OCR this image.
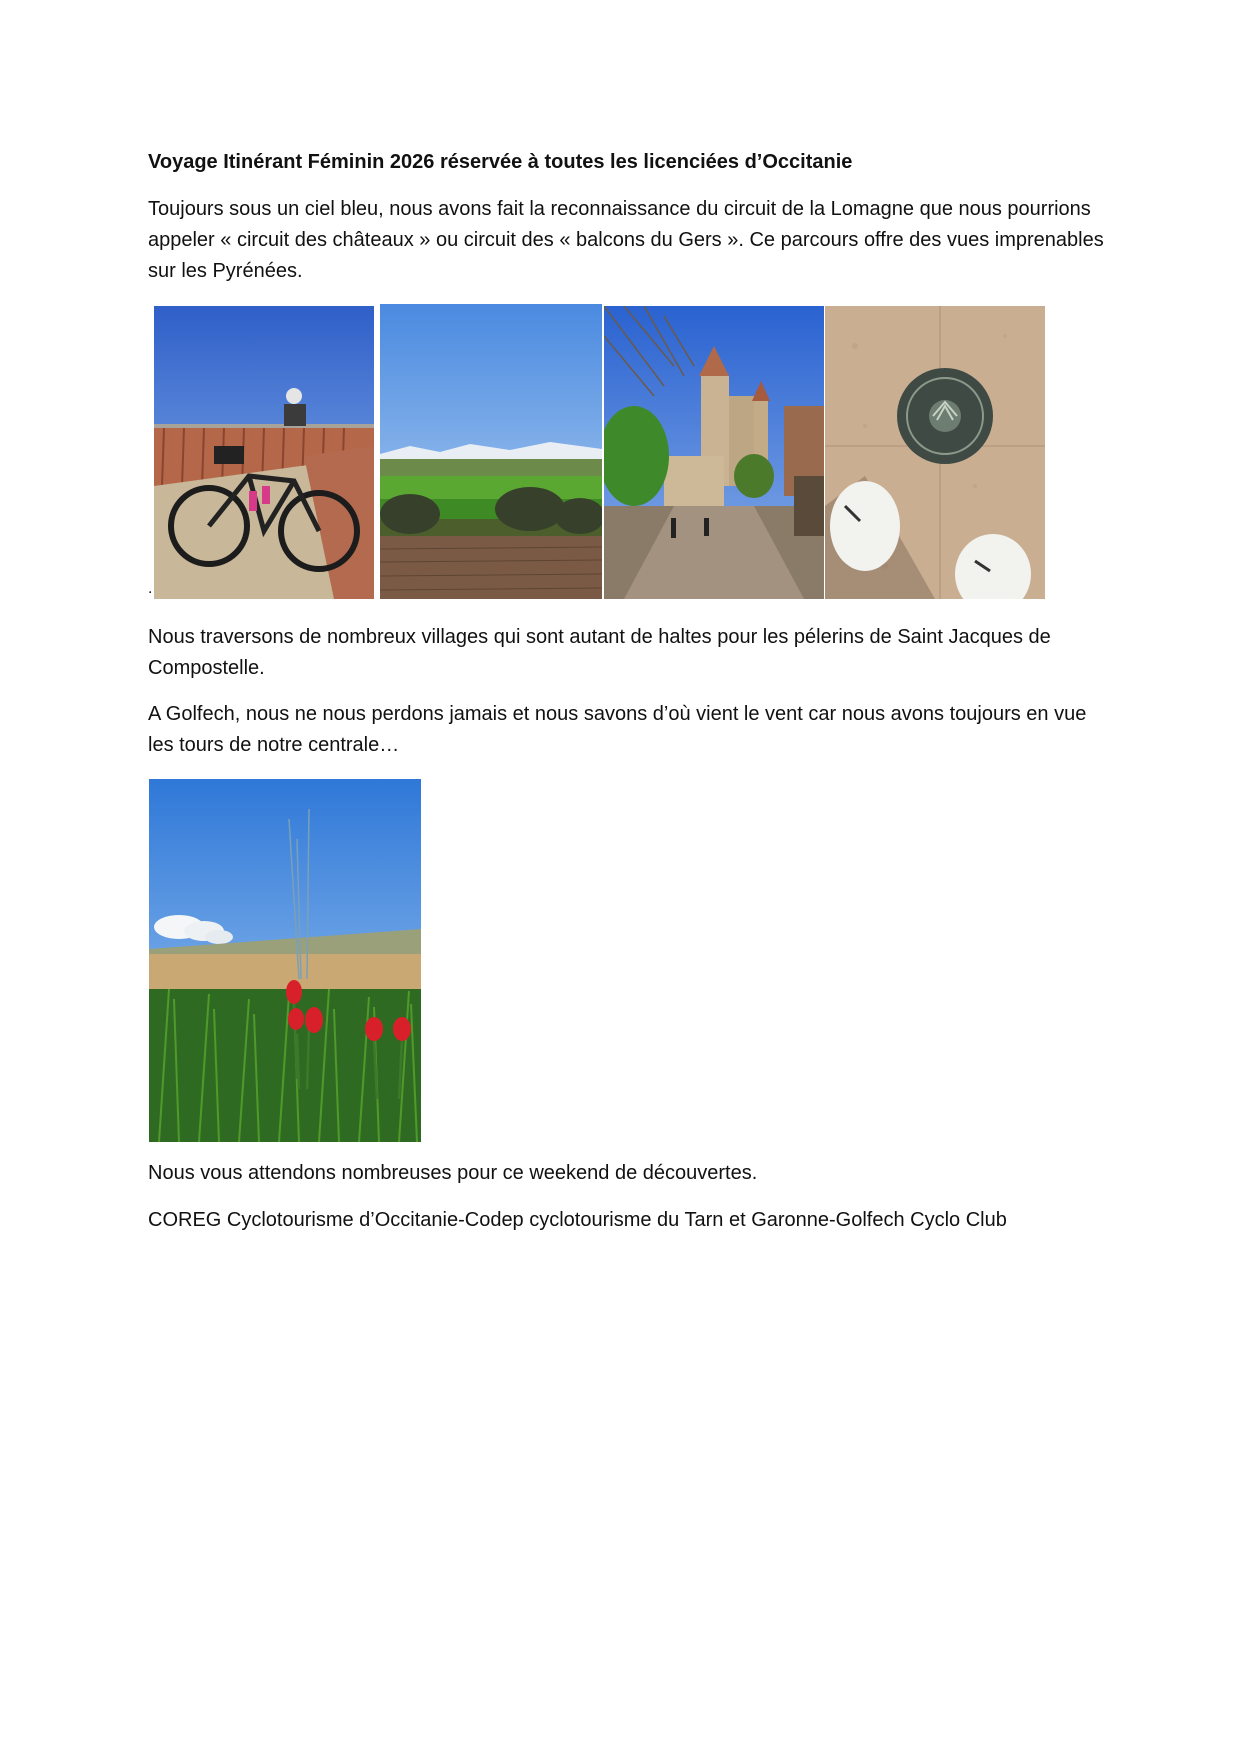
Voyage Itinérant Féminin 2026 réservée à toutes les licenciées d’Occitanie

Toujours sous un ciel bleu, nous avons fait la reconnaissance du circuit de la Lomagne que nous pourrions appeler « circuit des châteaux » ou circuit des « balcons du Gers ». Ce parcours offre des vues imprenables sur les Pyrénées.

.

Nous traversons de nombreux villages qui sont autant de haltes pour les pélerins de Saint Jacques de Compostelle.

A Golfech, nous ne nous perdons jamais et nous savons d’où vient le vent car nous avons toujours en vue les tours de notre centrale…

Nous vous attendons nombreuses pour ce weekend de découvertes.

COREG Cyclotourisme d’Occitanie-Codep cyclotourisme du Tarn et Garonne-Golfech Cyclo Club
